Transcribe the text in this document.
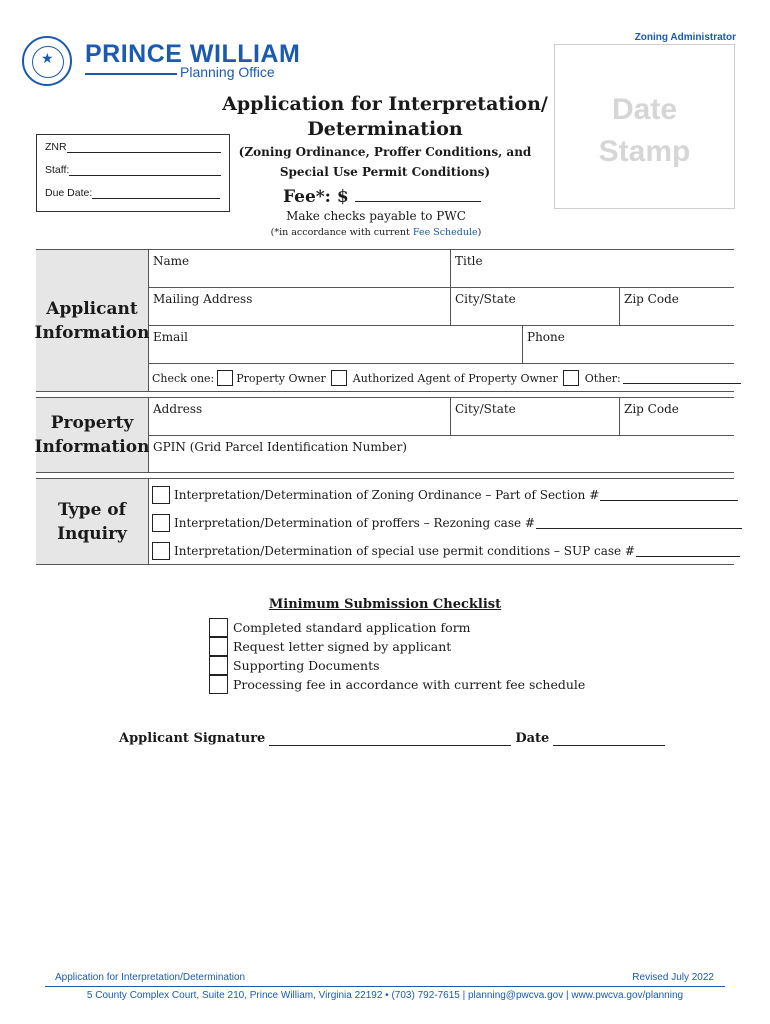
★ PRINCE WILLIAM
Planning Office
Zoning Administrator
Date
Stamp
Application for Interpretation/
Determination
(Zoning Ordinance, Proffer Conditions, and
Special Use Permit Conditions)
Fee*: $
Make checks payable to PWC
(*in accordance with current Fee Schedule)
ZNR
Staff:
Due Date:
Applicant
Information
Name	Title
Mailing Address	City/State	Zip Code
Email	Phone
Check one: Property Owner Authorized Agent of Property Owner Other:
Property
Information
Address	City/State	Zip Code
GPIN (Grid Parcel Identification Number)
Type of
Inquiry
Interpretation/Determination of Zoning Ordinance – Part of Section #
Interpretation/Determination of proffers – Rezoning case #
Interpretation/Determination of special use permit conditions – SUP case #
Minimum Submission Checklist
Completed standard application form
Request letter signed by applicant
Supporting Documents
Processing fee in accordance with current fee schedule
Applicant Signature	Date
Application for Interpretation/Determination	Revised July 2022
5 County Complex Court, Suite 210, Prince William, Virginia 22192 • (703) 792-7615 | planning@pwcva.gov | www.pwcva.gov/planning
